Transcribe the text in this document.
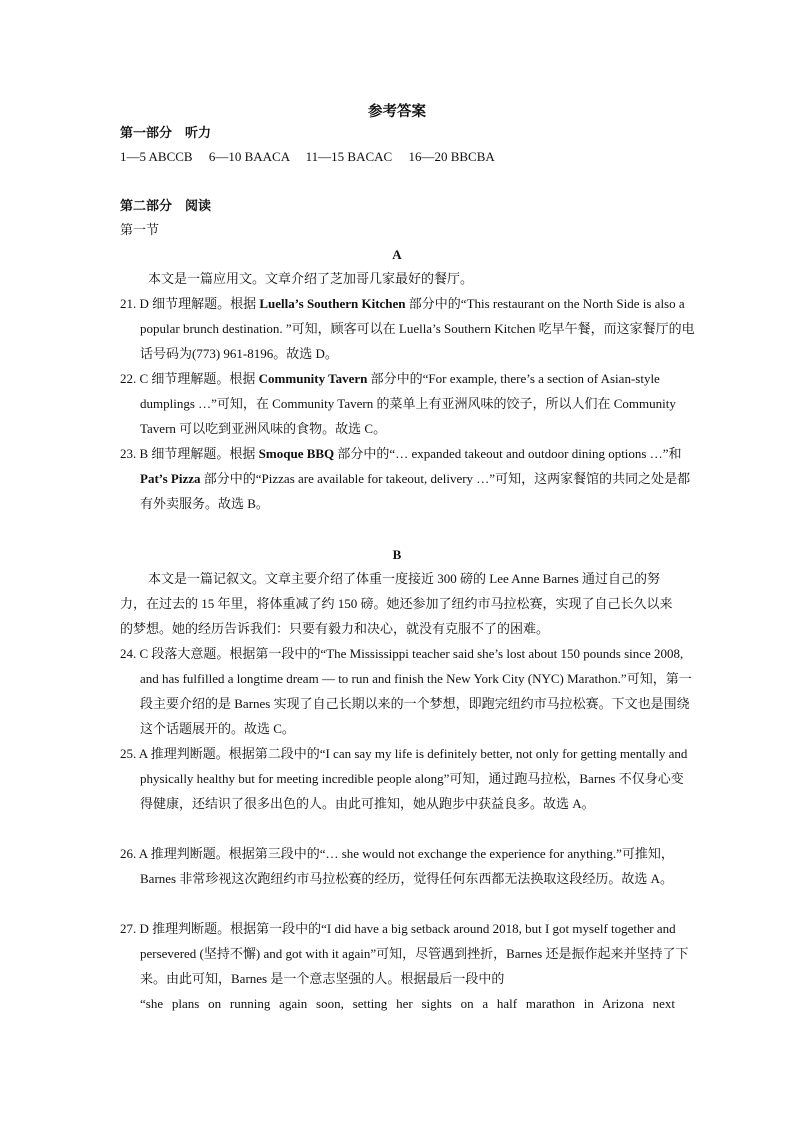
参考答案
第一部分　听力
1—5 ABCCB　 6—10 BAACA　 11—15 BACAC　 16—20 BBCBA
第二部分　阅读
第一节
A
本文是一篇应用文。文章介绍了芝加哥几家最好的餐厅。
21. D 细节理解题。根据 Luella’s Southern Kitchen 部分中的“This restaurant on the North Side is also a popular brunch destination. ”可知，顾客可以在 Luella’s Southern Kitchen 吃早午餐，而这家餐厅的电话号码为(773) 961-8196。故选 D。
22. C 细节理解题。根据 Community Tavern 部分中的“For example, there’s a section of Asian-style dumplings …”可知，在 Community Tavern 的菜单上有亚洲风味的饺子，所以人们在 Community Tavern 可以吃到亚洲风味的食物。故选 C。
23. B 细节理解题。根据 Smoque BBQ 部分中的“… expanded takeout and outdoor dining options …”和 Pat’s Pizza 部分中的“Pizzas are available for takeout, delivery …”可知，这两家餐馆的共同之处是都有外卖服务。故选 B。
B
本文是一篇记叙文。文章主要介绍了体重一度接近 300 磅的 Lee Anne Barnes 通过自己的努力，在过去的 15 年里，将体重减了约 150 磅。她还参加了纽约市马拉松赛，实现了自己长久以来的梦想。她的经历告诉我们：只要有毅力和决心，就没有克服不了的困难。
24. C 段落大意题。根据第一段中的“The Mississippi teacher said she’s lost about 150 pounds since 2008, and has fulfilled a longtime dream — to run and finish the New York City (NYC) Marathon.”可知，第一段主要介绍的是 Barnes 实现了自己长期以来的一个梦想，即跑完纽约市马拉松赛。下文也是围绕这个话题展开的。故选 C。
25. A 推理判断题。根据第二段中的“I can say my life is definitely better, not only for getting mentally and physically healthy but for meeting incredible people along”可知，通过跑马拉松，Barnes 不仅身心变得健康，还结识了很多出色的人。由此可推知，她从跑步中获益良多。故选 A。
26. A 推理判断题。根据第三段中的“… she would not exchange the experience for anything.”可推知，Barnes 非常珍视这次跑纽约市马拉松赛的经历，觉得任何东西都无法换取这段经历。故选 A。
27. D 推理判断题。根据第一段中的“I did have a big setback around 2018, but I got myself together and persevered (坚持不懈) and got with it again”可知，尽管遇到挫折，Barnes 还是振作起来并坚持了下来。由此可知，Barnes 是一个意志坚强的人。根据最后一段中的
“she plans on running again soon, setting her sights on a half marathon in Arizona next
